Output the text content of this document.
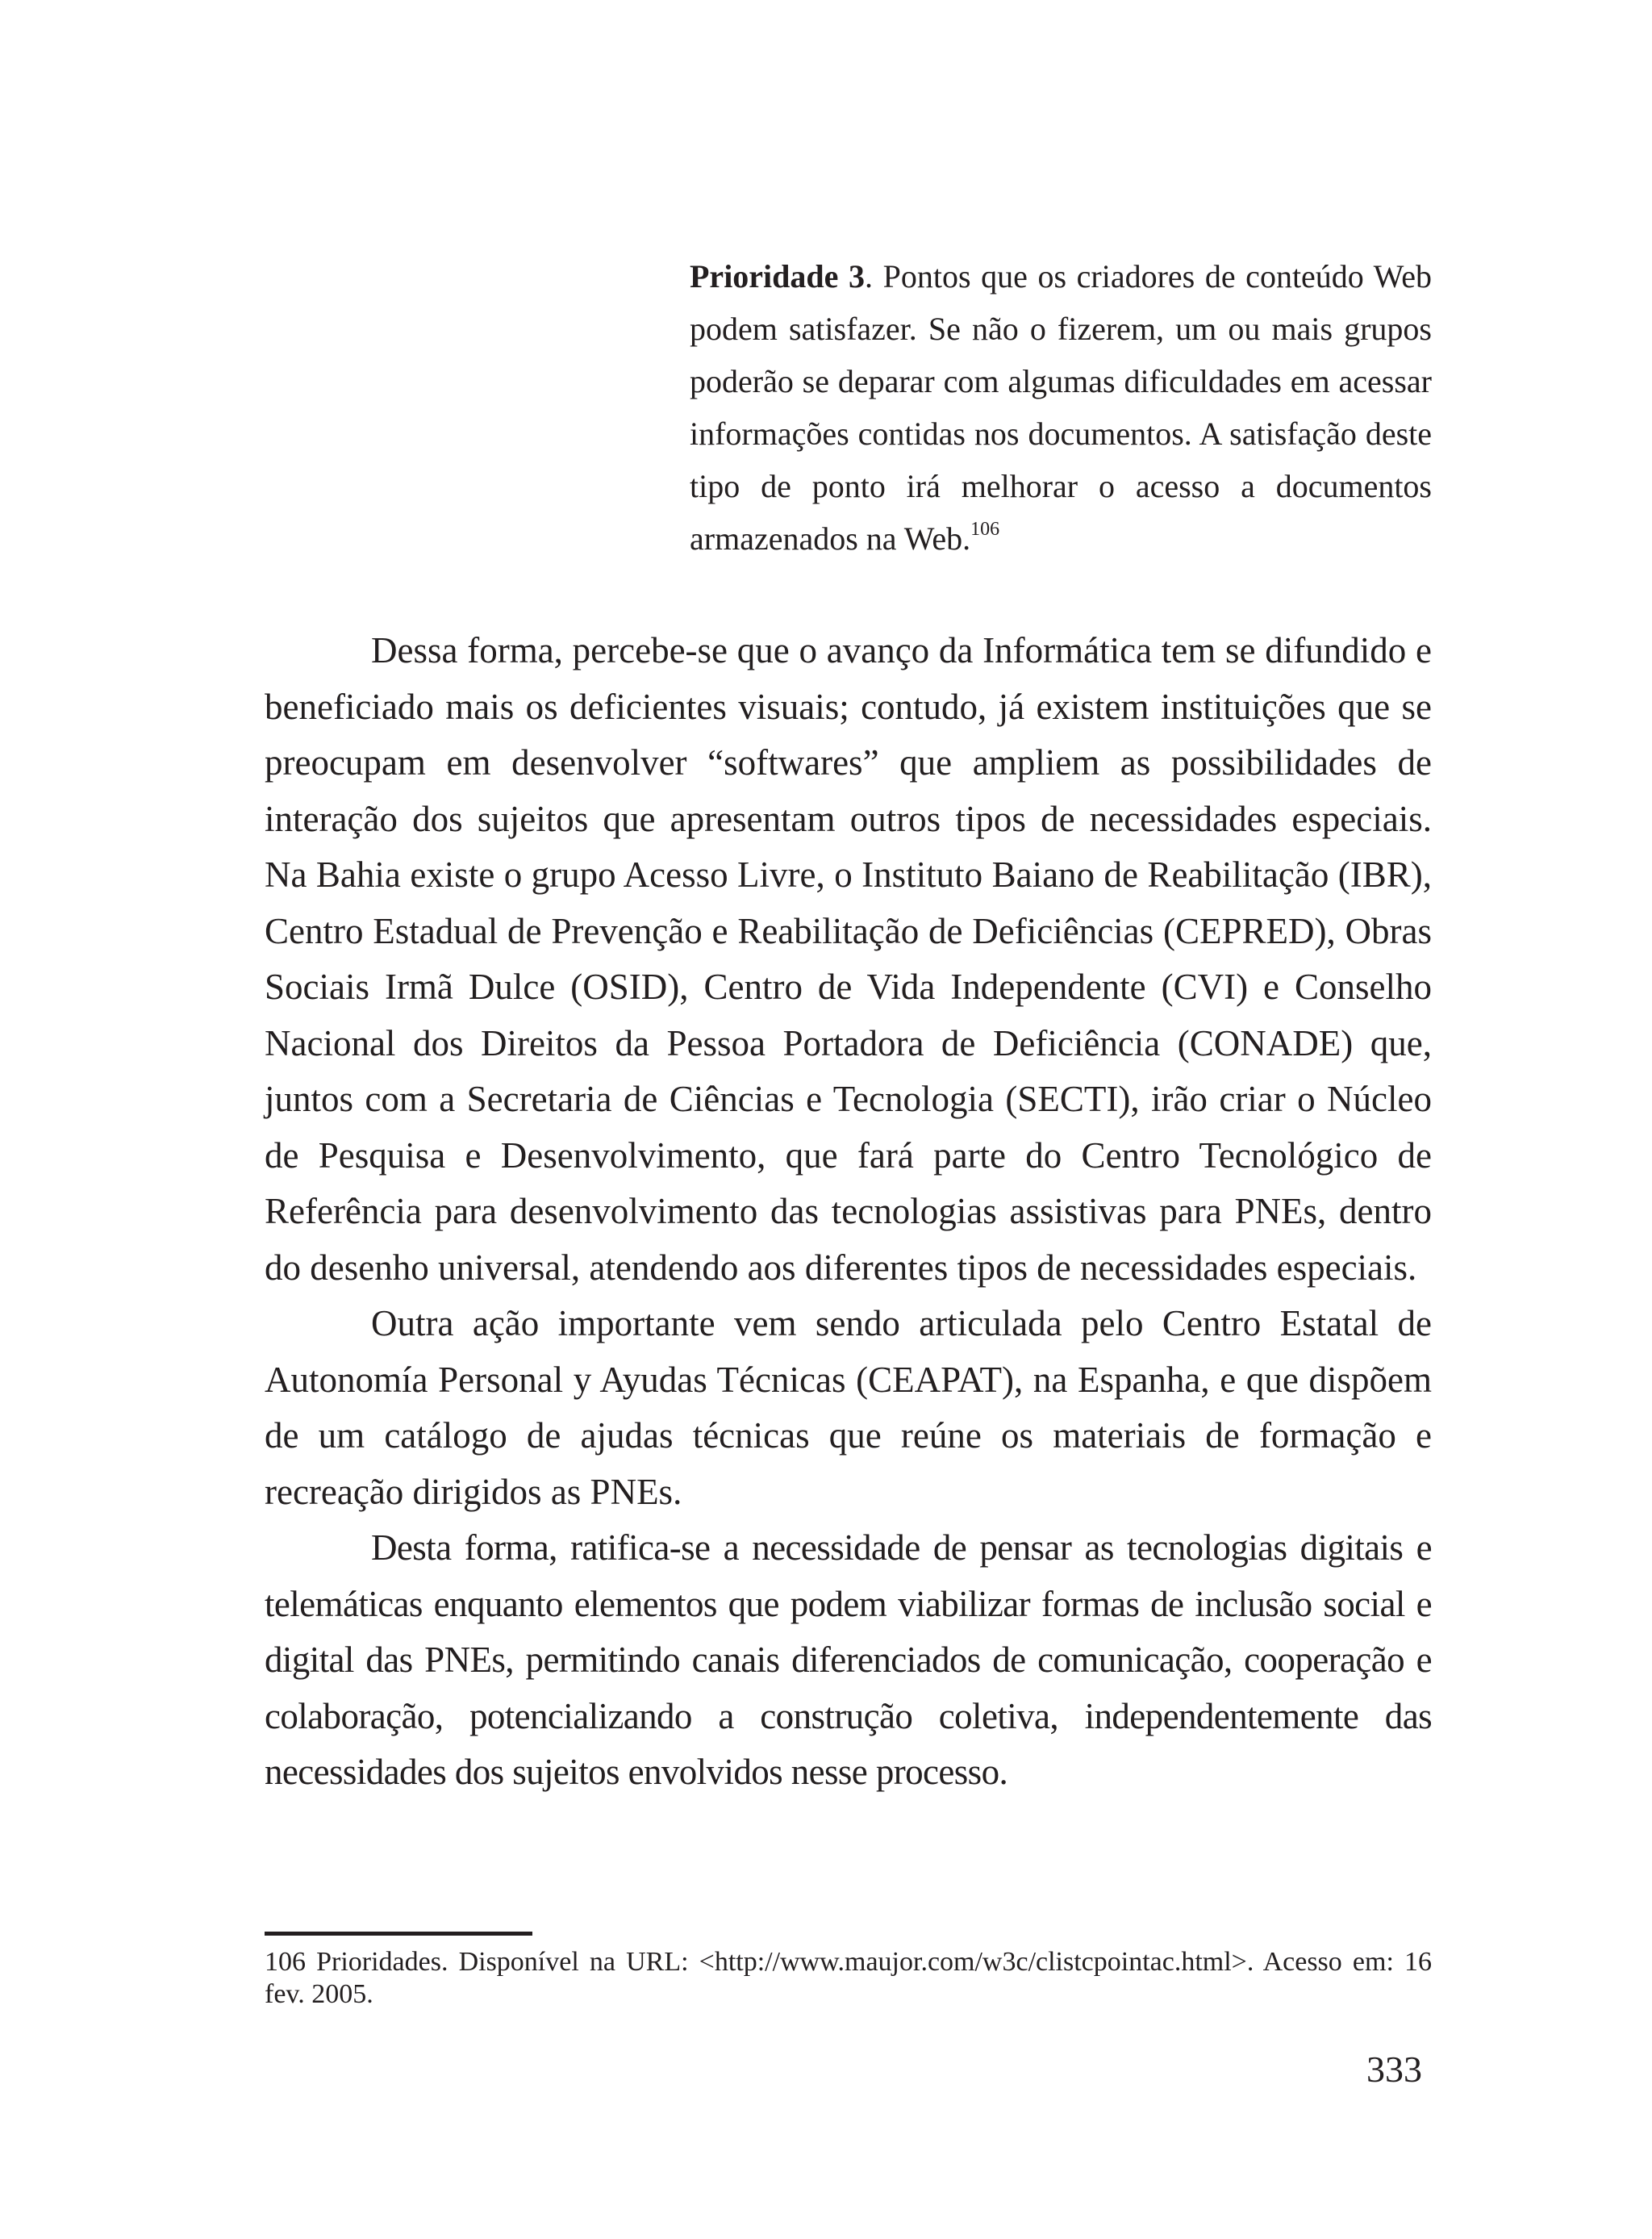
Prioridade 3. Pontos que os criadores de conteúdo Web podem satisfazer. Se não o fizerem, um ou mais grupos poderão se deparar com algumas dificuldades em acessar informações contidas nos documentos. A satisfação deste tipo de ponto irá melhorar o acesso a documentos armazenados na Web.$^{106}$

Dessa forma, percebe-se que o avanço da Informática tem se difundido e beneficiado mais os deficientes visuais; contudo, já existem instituições que se preocupam em desenvolver “softwares” que ampliem as possibilidades de interação dos sujeitos que apresentam outros tipos de necessidades especiais. Na Bahia existe o grupo Acesso Livre, o Instituto Baiano de Reabilitação (IBR), Centro Estadual de Prevenção e Reabilitação de Deficiências (CEPRED), Obras Sociais Irmã Dulce (OSID), Centro de Vida Independente (CVI) e Conselho Nacional dos Direitos da Pessoa Portadora de Deficiência (CONADE) que, juntos com a Secretaria de Ciências e Tecnologia (SECTI), irão criar o Núcleo de Pesquisa e Desenvolvimento, que fará parte do Centro Tecnológico de Referência para desenvolvimento das tecnologias assistivas para PNEs, dentro do desenho universal, atendendo aos diferentes tipos de necessidades especiais.

Outra ação importante vem sendo articulada pelo Centro Estatal de Autonomía Personal y Ayudas Técnicas (CEAPAT), na Espanha, e que dispõem de um catálogo de ajudas técnicas que reúne os materiais de formação e recreação dirigidos as PNEs.

Desta forma, ratifica-se a necessidade de pensar as tecnologias digitais e telemáticas enquanto elementos que podem viabilizar formas de inclusão social e digital das PNEs, permitindo canais diferenciados de comunicação, cooperação e colaboração, potencializando a construção coletiva, independentemente das necessidades dos sujeitos envolvidos nesse processo.

106 Prioridades. Disponível na URL: <http://www.maujor.com/w3c/clistcpointac.html>. Acesso em: 16 fev. 2005.
333
